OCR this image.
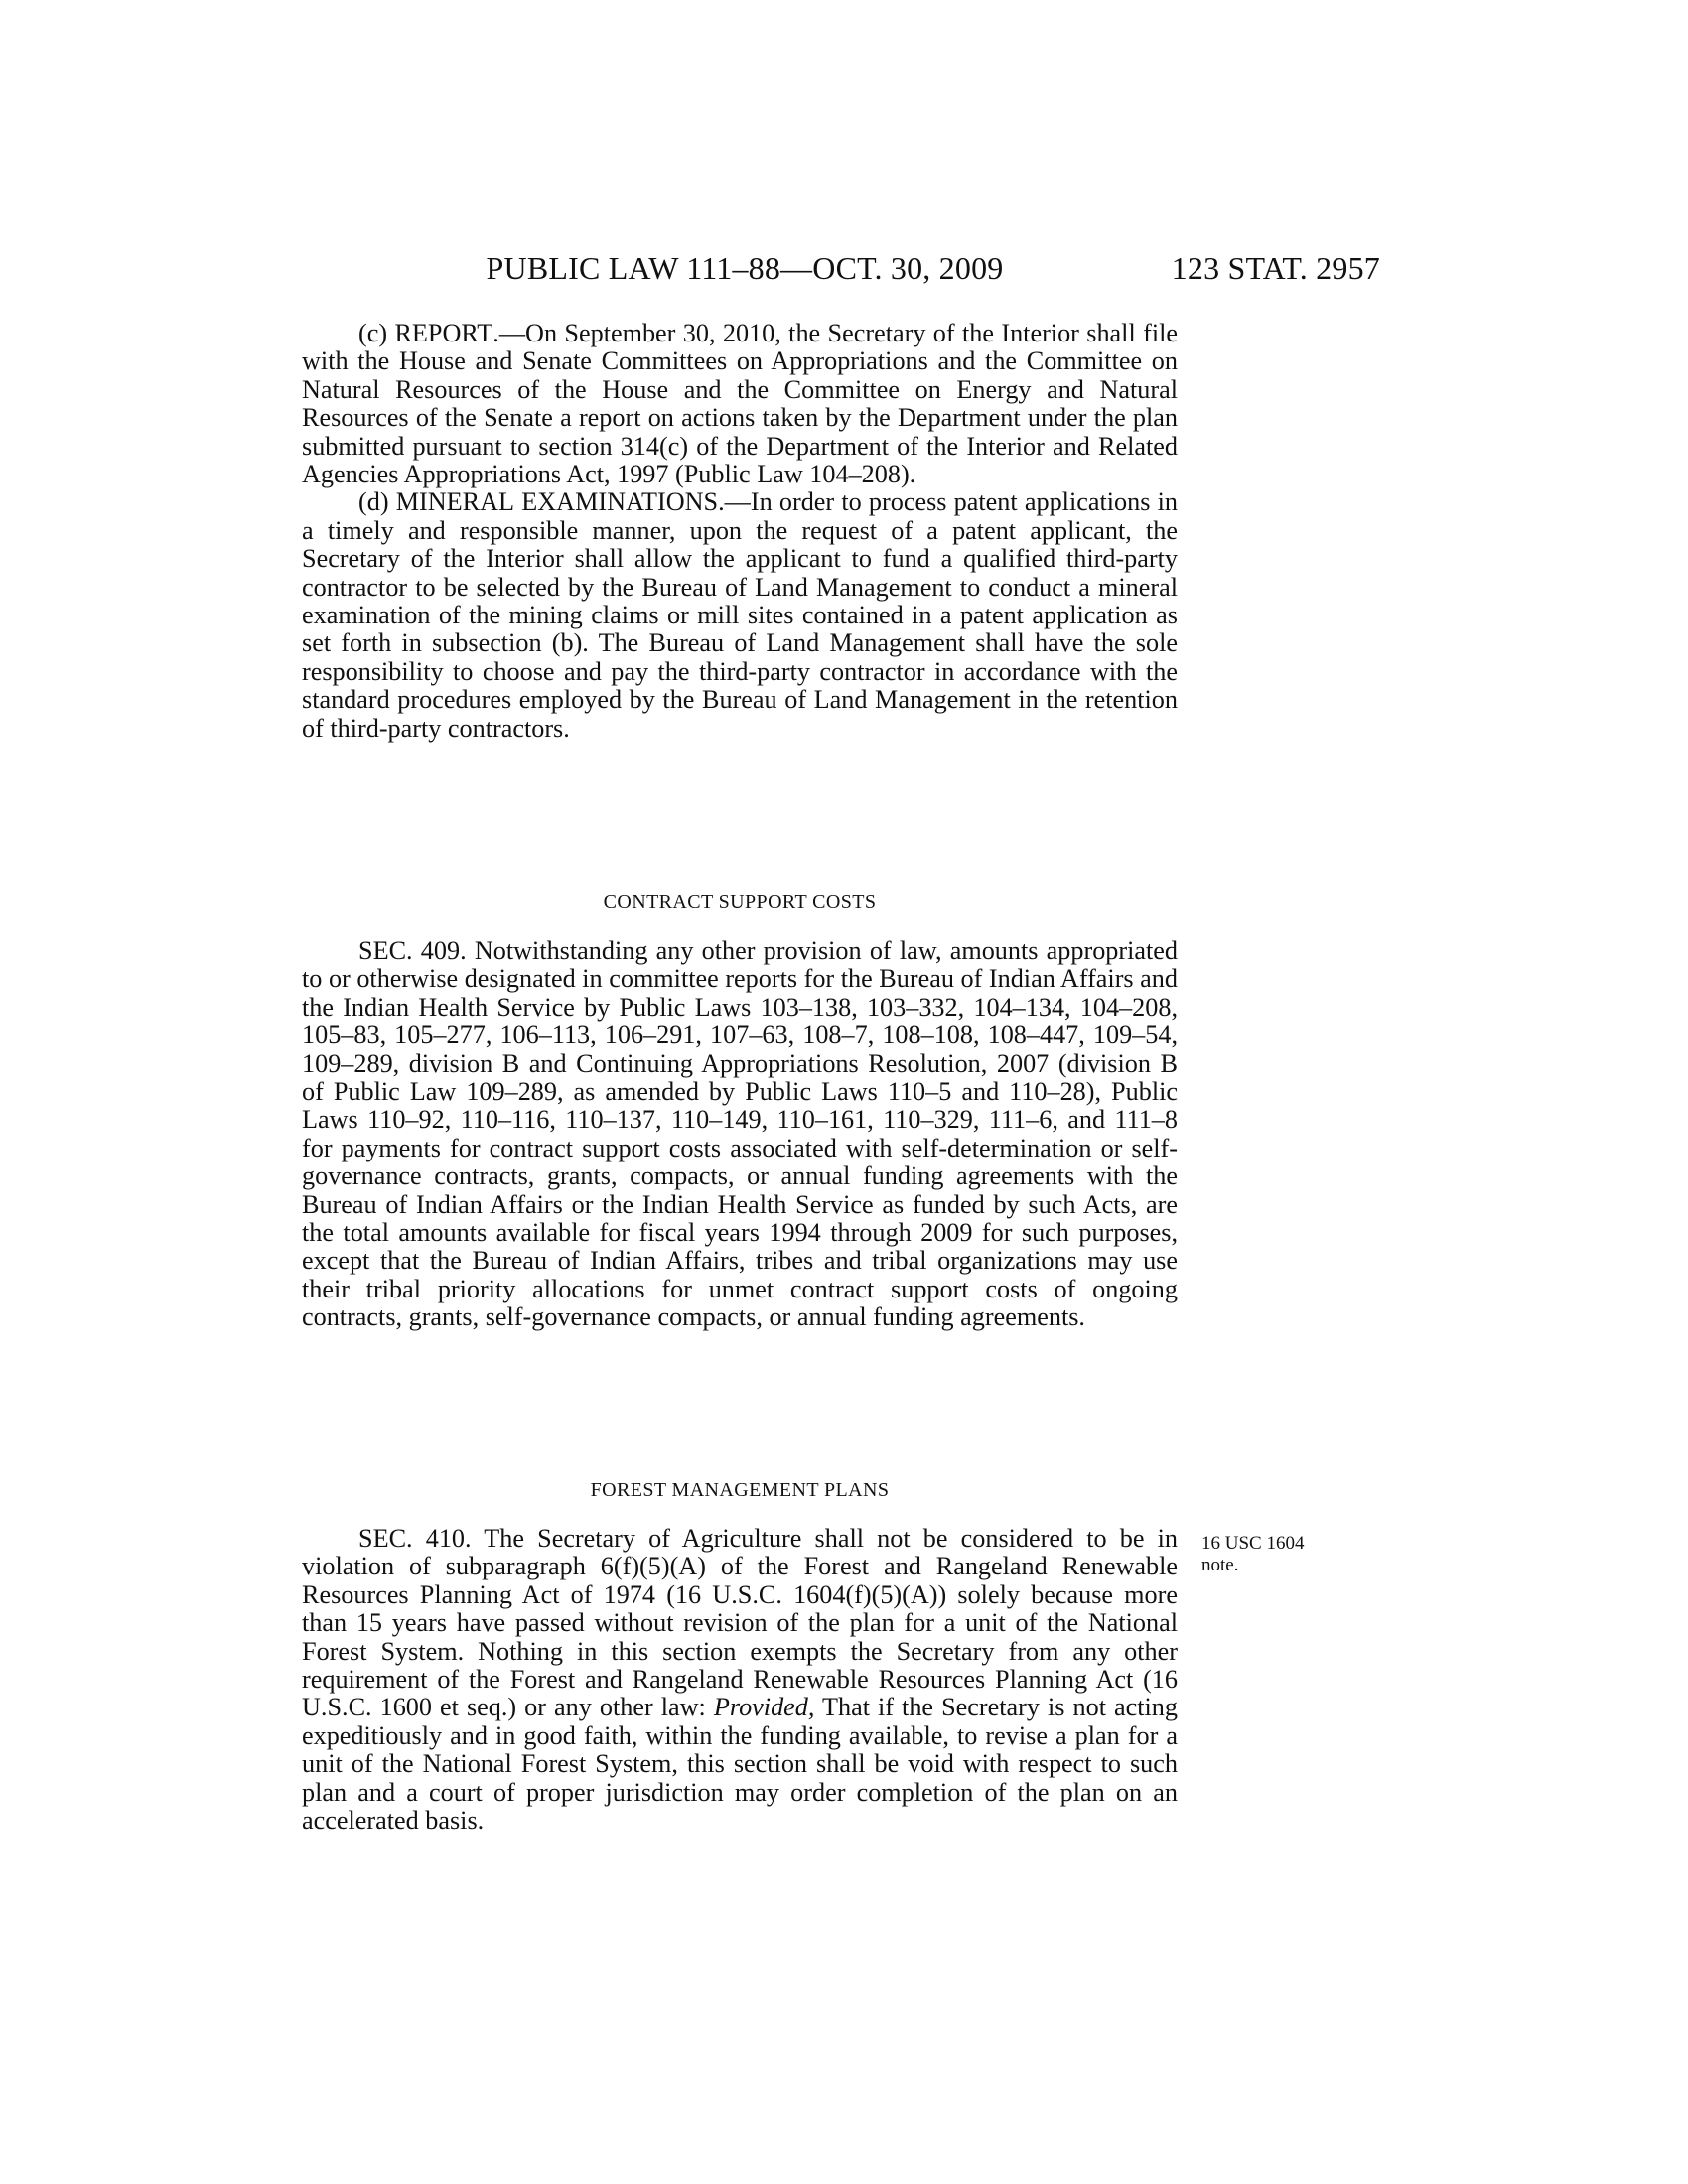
PUBLIC LAW 111–88—OCT. 30, 2009	123 STAT. 2957

(c) REPORT.—On September 30, 2010, the Secretary of the Interior shall file with the House and Senate Committees on Appropriations and the Committee on Natural Resources of the House and the Committee on Energy and Natural Resources of the Senate a report on actions taken by the Department under the plan submitted pursuant to section 314(c) of the Department of the Interior and Related Agencies Appropriations Act, 1997 (Public Law 104–208).

(d) MINERAL EXAMINATIONS.—In order to process patent applications in a timely and responsible manner, upon the request of a patent applicant, the Secretary of the Interior shall allow the applicant to fund a qualified third-party contractor to be selected by the Bureau of Land Management to conduct a mineral examination of the mining claims or mill sites contained in a patent application as set forth in subsection (b). The Bureau of Land Management shall have the sole responsibility to choose and pay the third-party contractor in accordance with the standard procedures employed by the Bureau of Land Management in the retention of third-party contractors.

CONTRACT SUPPORT COSTS

SEC. 409. Notwithstanding any other provision of law, amounts appropriated to or otherwise designated in committee reports for the Bureau of Indian Affairs and the Indian Health Service by Public Laws 103–138, 103–332, 104–134, 104–208, 105–83, 105–277, 106–113, 106–291, 107–63, 108–7, 108–108, 108–447, 109–54, 109–289, division B and Continuing Appropriations Resolution, 2007 (division B of Public Law 109–289, as amended by Public Laws 110–5 and 110–28), Public Laws 110–92, 110–116, 110–137, 110–149, 110–161, 110–329, 111–6, and 111–8 for payments for contract support costs associated with self-determination or self-governance contracts, grants, compacts, or annual funding agreements with the Bureau of Indian Affairs or the Indian Health Service as funded by such Acts, are the total amounts available for fiscal years 1994 through 2009 for such purposes, except that the Bureau of Indian Affairs, tribes and tribal organizations may use their tribal priority allocations for unmet contract support costs of ongoing contracts, grants, self-governance compacts, or annual funding agreements.

FOREST MANAGEMENT PLANS

SEC. 410. The Secretary of Agriculture shall not be considered to be in violation of subparagraph 6(f)(5)(A) of the Forest and Rangeland Renewable Resources Planning Act of 1974 (16 U.S.C. 1604(f)(5)(A)) solely because more than 15 years have passed without revision of the plan for a unit of the National Forest System. Nothing in this section exempts the Secretary from any other requirement of the Forest and Rangeland Renewable Resources Planning Act (16 U.S.C. 1600 et seq.) or any other law: Provided, That if the Secretary is not acting expeditiously and in good faith, within the funding available, to revise a plan for a unit of the National Forest System, this section shall be void with respect to such plan and a court of proper jurisdiction may order completion of the plan on an accelerated basis.

16 USC 1604
note.
